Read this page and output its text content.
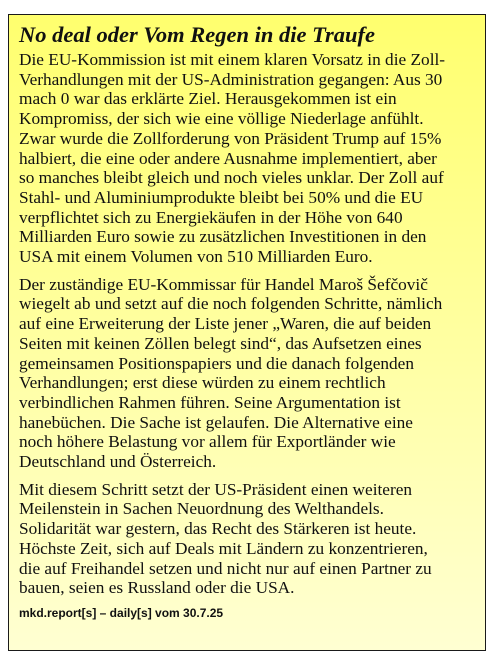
No deal oder Vom Regen in die Traufe

Die EU-Kommission ist mit einem klaren Vorsatz in die Zoll-
Verhandlungen mit der US-Administration gegangen: Aus 30
mach 0 war das erklärte Ziel. Herausgekommen ist ein
Kompromiss, der sich wie eine völlige Niederlage anfühlt.
Zwar wurde die Zollforderung von Präsident Trump auf 15%
halbiert, die eine oder andere Ausnahme implementiert, aber
so manches bleibt gleich und noch vieles unklar. Der Zoll auf
Stahl- und Aluminiumprodukte bleibt bei 50% und die EU
verpflichtet sich zu Energiekäufen in der Höhe von 640
Milliarden Euro sowie zu zusätzlichen Investitionen in den
USA mit einem Volumen von 510 Milliarden Euro.

Der zuständige EU-Kommissar für Handel Maroš Šefčovič
wiegelt ab und setzt auf die noch folgenden Schritte, nämlich
auf eine Erweiterung der Liste jener „Waren, die auf beiden
Seiten mit keinen Zöllen belegt sind“, das Aufsetzen eines
gemeinsamen Positionspapiers und die danach folgenden
Verhandlungen; erst diese würden zu einem rechtlich
verbindlichen Rahmen führen. Seine Argumentation ist
hanebüchen. Die Sache ist gelaufen. Die Alternative eine
noch höhere Belastung vor allem für Exportländer wie
Deutschland und Österreich.

Mit diesem Schritt setzt der US-Präsident einen weiteren
Meilenstein in Sachen Neuordnung des Welthandels.
Solidarität war gestern, das Recht des Stärkeren ist heute.
Höchste Zeit, sich auf Deals mit Ländern zu konzentrieren,
die auf Freihandel setzen und nicht nur auf einen Partner zu
bauen, seien es Russland oder die USA.

mkd.report[s] – daily[s] vom 30.7.25
